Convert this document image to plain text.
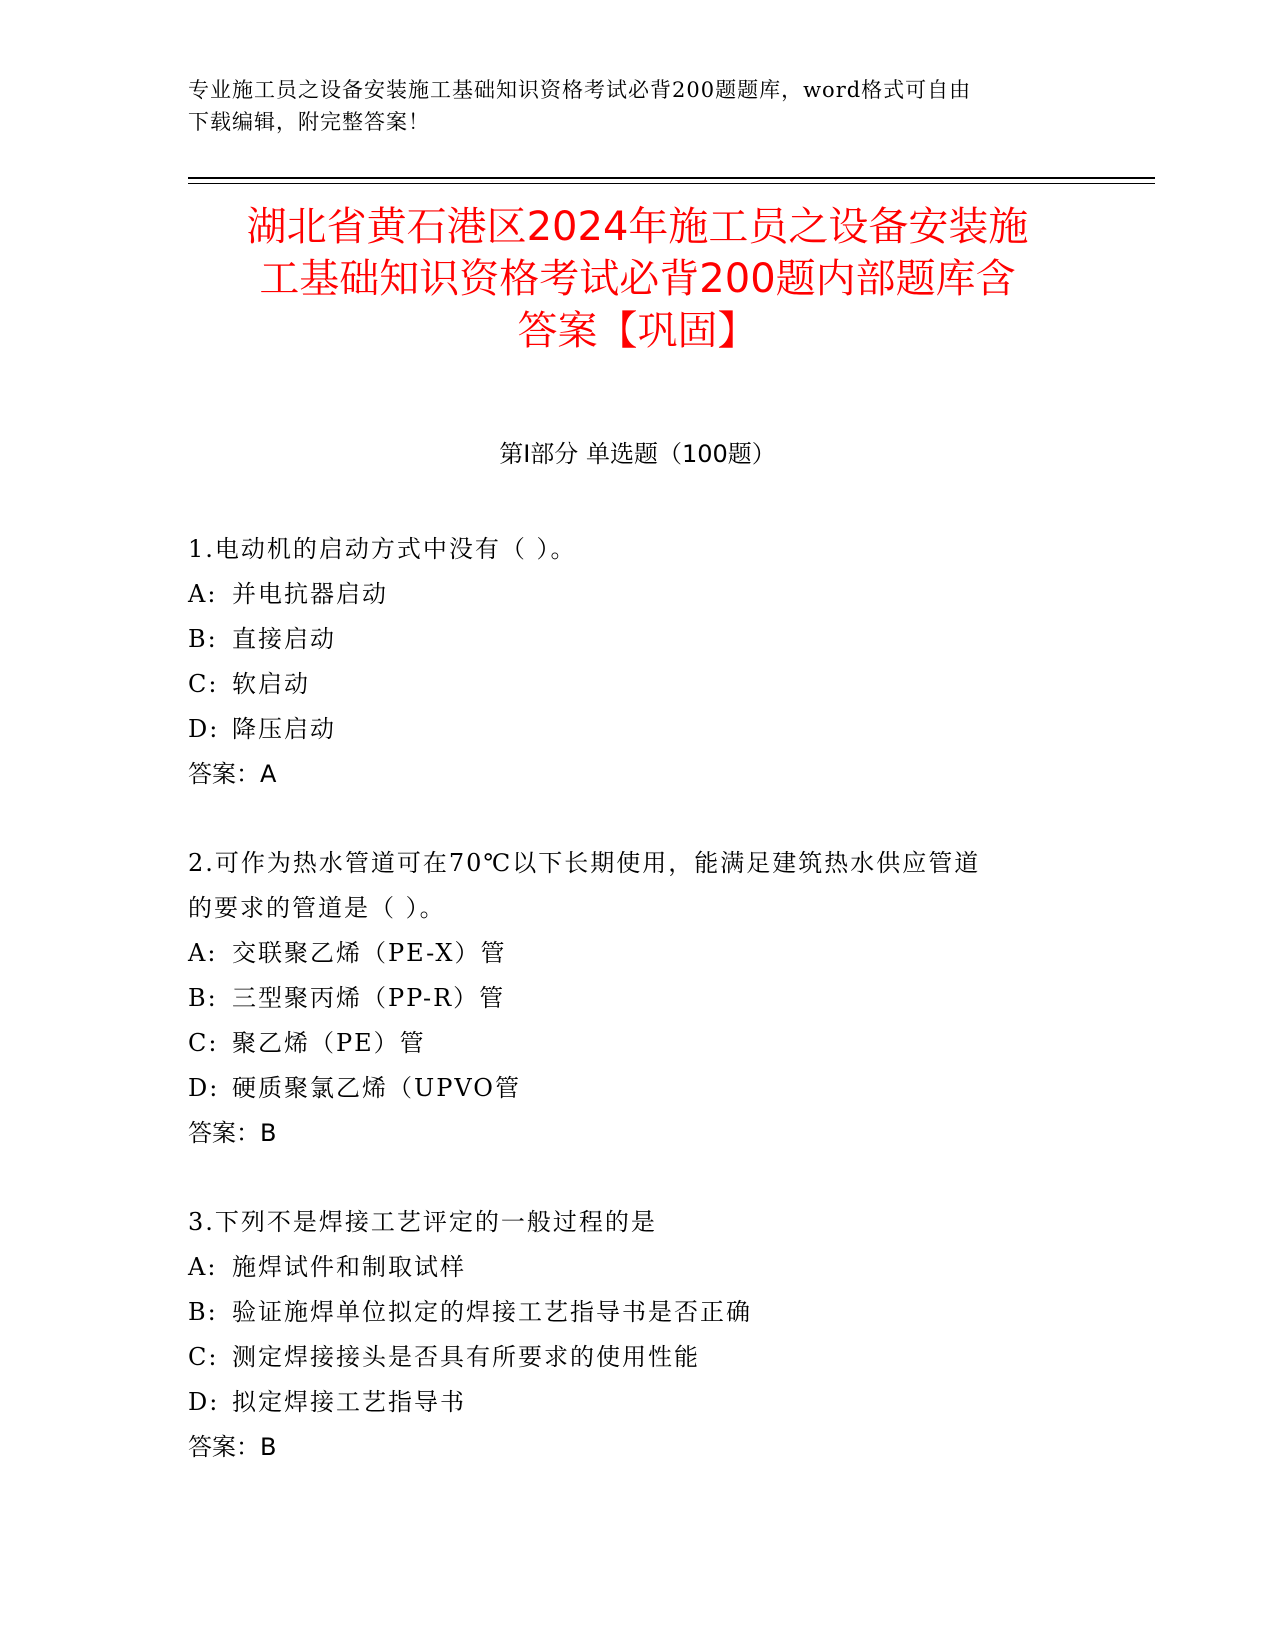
专业施工员之设备安装施工基础知识资格考试必背200题题库，word格式可自由
下载编辑，附完整答案！
湖北省黄石港区2024年施工员之设备安装施
工基础知识资格考试必背200题内部题库含
答案【巩固】
第Ⅰ部分 单选题（100题）
1.电动机的启动方式中没有（ ）。
A: 并电抗器启动
B: 直接启动
C: 软启动
D: 降压启动
答案：A
2.可作为热水管道可在70℃以下长期使用，能满足建筑热水供应管道
的要求的管道是（ ）。
A: 交联聚乙烯（PE-X）管
B: 三型聚丙烯（PP-R）管
C: 聚乙烯（PE）管
D: 硬质聚氯乙烯（UPVO管
答案：B
3.下列不是焊接工艺评定的一般过程的是
A: 施焊试件和制取试样
B: 验证施焊单位拟定的焊接工艺指导书是否正确
C: 测定焊接接头是否具有所要求的使用性能
D: 拟定焊接工艺指导书
答案：B
